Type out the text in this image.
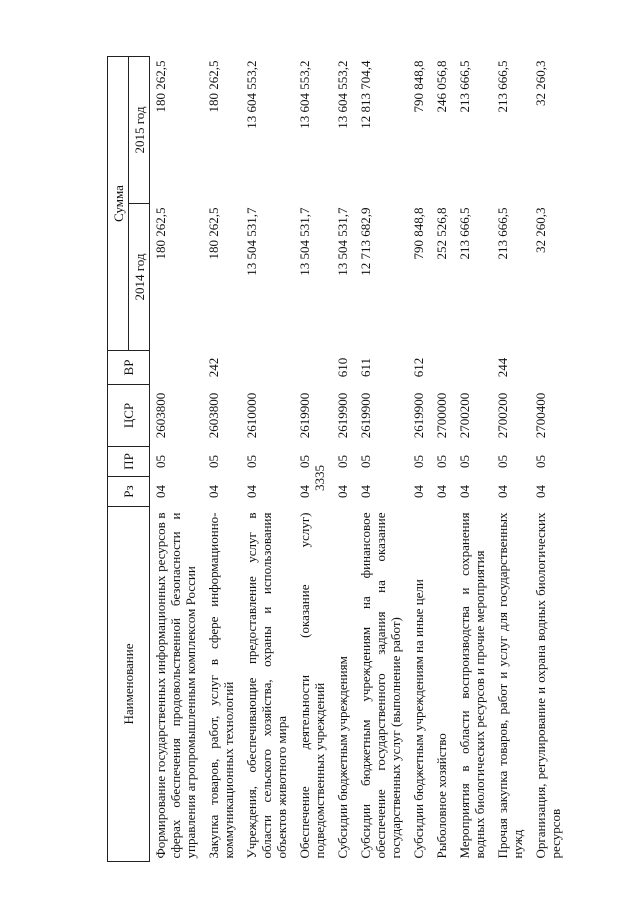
3335
Наименование	Рз	ПР	ЦСР	ВР	Сумма	
					2014 год	2015 год
Формирование государственных информационных ресурсов в сферах обеспечения продовольственной безопасности и управления агропромышленным комплексом России	04	05	2603800		180 262,5	180 262,5
Закупка товаров, работ, услуг в сфере информационно-коммуникационных технологий	04	05	2603800	242	180 262,5	180 262,5
Учреждения, обеспечивающие предоставление услуг в области сельского хозяйства, охраны и использования объектов животного мира	04	05	2610000		13 504 531,7	13 604 553,2
Обеспечение деятельности (оказание услуг) подведомственных учреждений	04	05	2619900		13 504 531,7	13 604 553,2
Субсидии бюджетным учреждениям	04	05	2619900	610	13 504 531,7	13 604 553,2
Субсидии бюджетным учреждениям на финансовое обеспечение государственного задания на оказание государственных услуг (выполнение работ)	04	05	2619900	611	12 713 682,9	12 813 704,4
Субсидии бюджетным учреждениям на иные цели	04	05	2619900	612	790 848,8	790 848,8
Рыболовное хозяйство	04	05	2700000		252 526,8	246 056,8
Мероприятия в области воспроизводства и сохранения водных биологических ресурсов и прочие мероприятия	04	05	2700200		213 666,5	213 666,5
Прочая закупка товаров, работ и услуг для государственных нужд	04	05	2700200	244	213 666,5	213 666,5
Организация, регулирование и охрана водных биологических ресурсов	04	05	2700400		32 260,3	32 260,3
